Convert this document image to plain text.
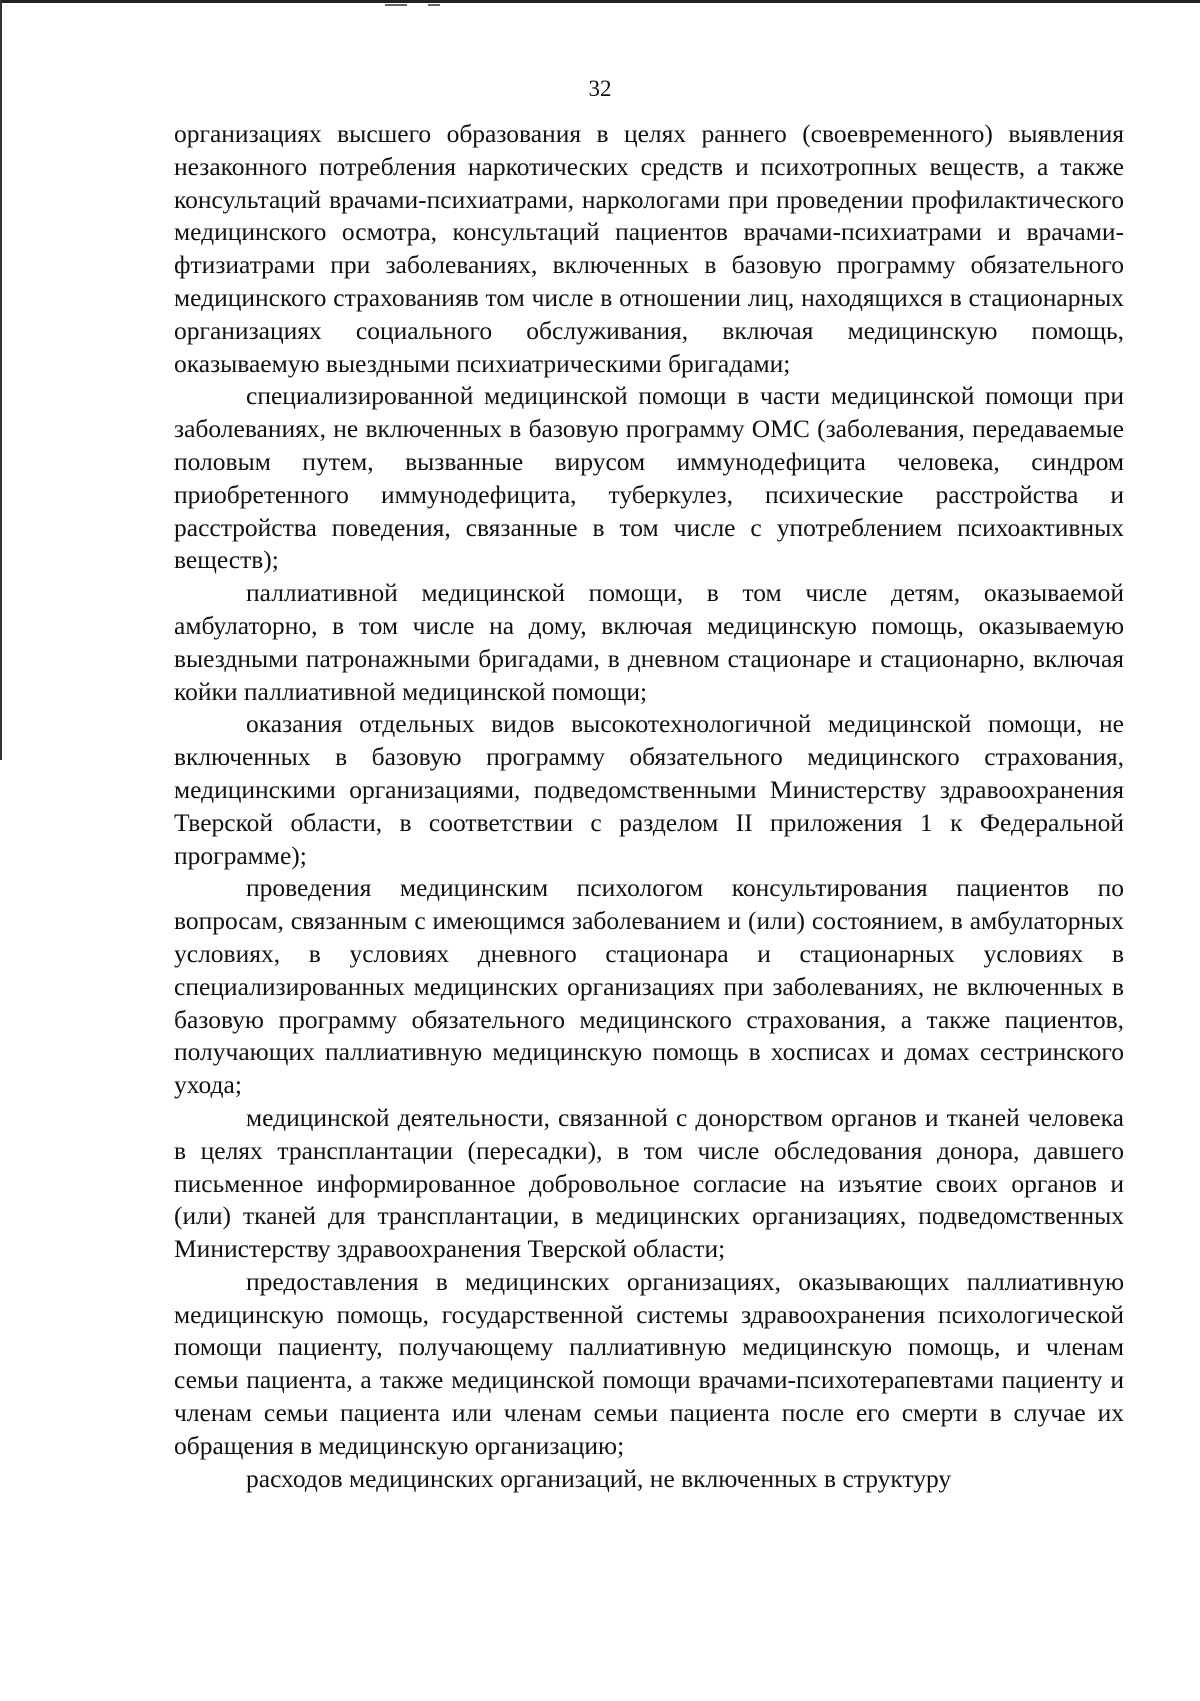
32

организациях высшего образования в целях раннего (своевременного) выявления незаконного потребления наркотических средств и психотропных веществ, а также консультаций врачами-психиатрами, наркологами при проведении профилактического медицинского осмотра, консультаций пациентов врачами-психиатрами и врачами-фтизиатрами при заболеваниях, включенных в базовую программу обязательного медицинского страхованияв том числе в отношении лиц, находящихся в стационарных организациях социального обслуживания, включая медицинскую помощь, оказываемую выездными психиатрическими бригадами;

специализированной медицинской помощи в части медицинской помощи при заболеваниях, не включенных в базовую программу ОМС (заболевания, передаваемые половым путем, вызванные вирусом иммунодефицита человека, синдром приобретенного иммунодефицита, туберкулез, психические расстройства и расстройства поведения, связанные в том числе с употреблением психоактивных веществ);

паллиативной медицинской помощи, в том числе детям, оказываемой амбулаторно, в том числе на дому, включая медицинскую помощь, оказываемую выездными патронажными бригадами, в дневном стационаре и стационарно, включая койки паллиативной медицинской помощи;

оказания отдельных видов высокотехнологичной медицинской помощи, не включенных в базовую программу обязательного медицинского страхования, медицинскими организациями, подведомственными Министерству здравоохранения Тверской области, в соответствии с разделом II приложения 1 к Федеральной программе);

проведения медицинским психологом консультирования пациентов по вопросам, связанным с имеющимся заболеванием и (или) состоянием, в амбулаторных условиях, в условиях дневного стационара и стационарных условиях в специализированных медицинских организациях при заболеваниях, не включенных в базовую программу обязательного медицинского страхования, а также пациентов, получающих паллиативную медицинскую помощь в хосписах и домах сестринского ухода;

медицинской деятельности, связанной с донорством органов и тканей человека в целях трансплантации (пересадки), в том числе обследования донора, давшего письменное информированное добровольное согласие на изъятие своих органов и (или) тканей для трансплантации, в медицинских организациях, подведомственных Министерству здравоохранения Тверской области;

предоставления в медицинских организациях, оказывающих паллиативную медицинскую помощь, государственной системы здравоохранения психологической помощи пациенту, получающему паллиативную медицинскую помощь, и членам семьи пациента, а также медицинской помощи врачами-психотерапевтами пациенту и членам семьи пациента или членам семьи пациента после его смерти в случае их обращения в медицинскую организацию;

расходов медицинских организаций, не включенных в структуру
